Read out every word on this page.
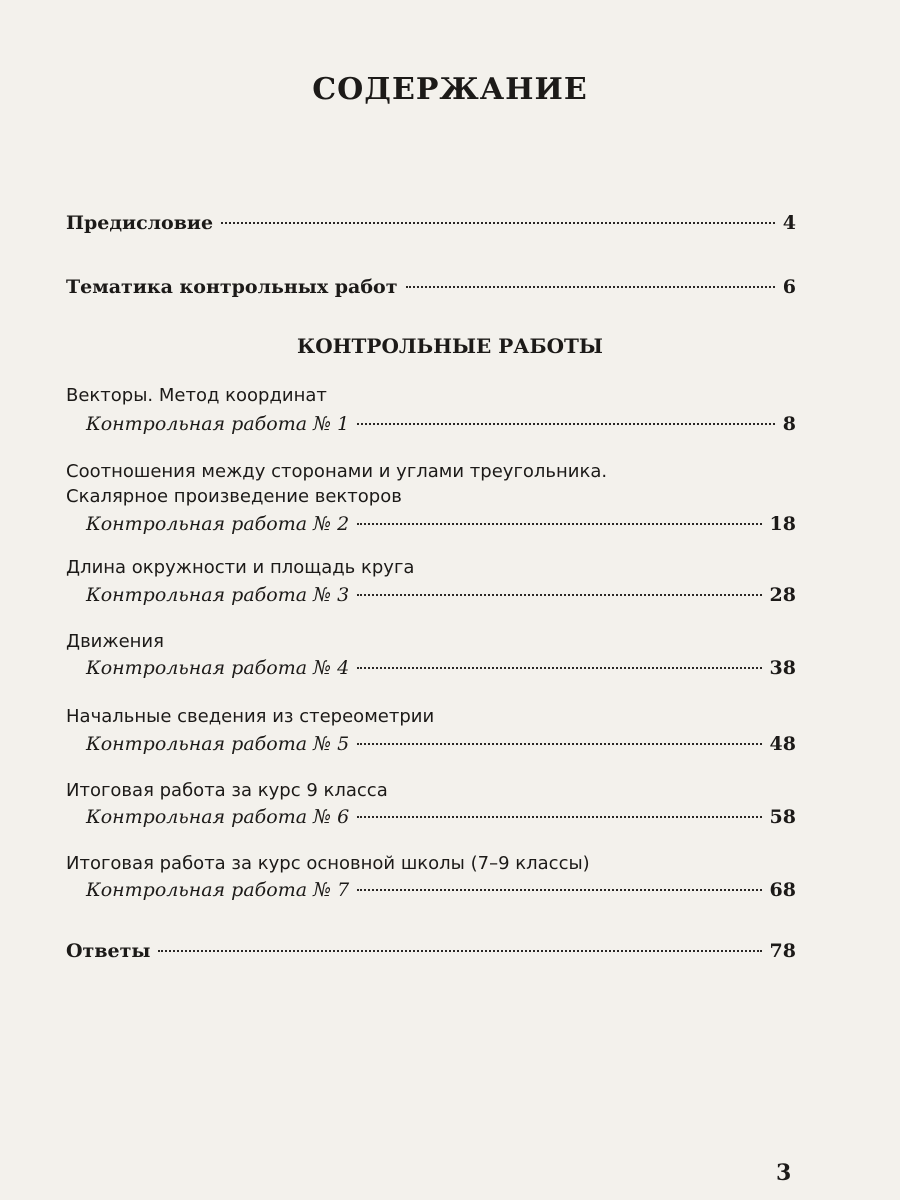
СОДЕРЖАНИЕ
Предисловие	4
Тематика контрольных работ	6
КОНТРОЛЬНЫЕ РАБОТЫ
Векторы. Метод координат
Контрольная работа № 1	8
Соотношения между сторонами и углами треугольника.
Скалярное произведение векторов
Контрольная работа № 2	18
Длина окружности и площадь круга
Контрольная работа № 3	28
Движения
Контрольная работа № 4	38
Начальные сведения из стереометрии
Контрольная работа № 5	48
Итоговая работа за курс 9 класса
Контрольная работа № 6	58
Итоговая работа за курс основной школы (7–9 классы)
Контрольная работа № 7	68
Ответы	78
3
